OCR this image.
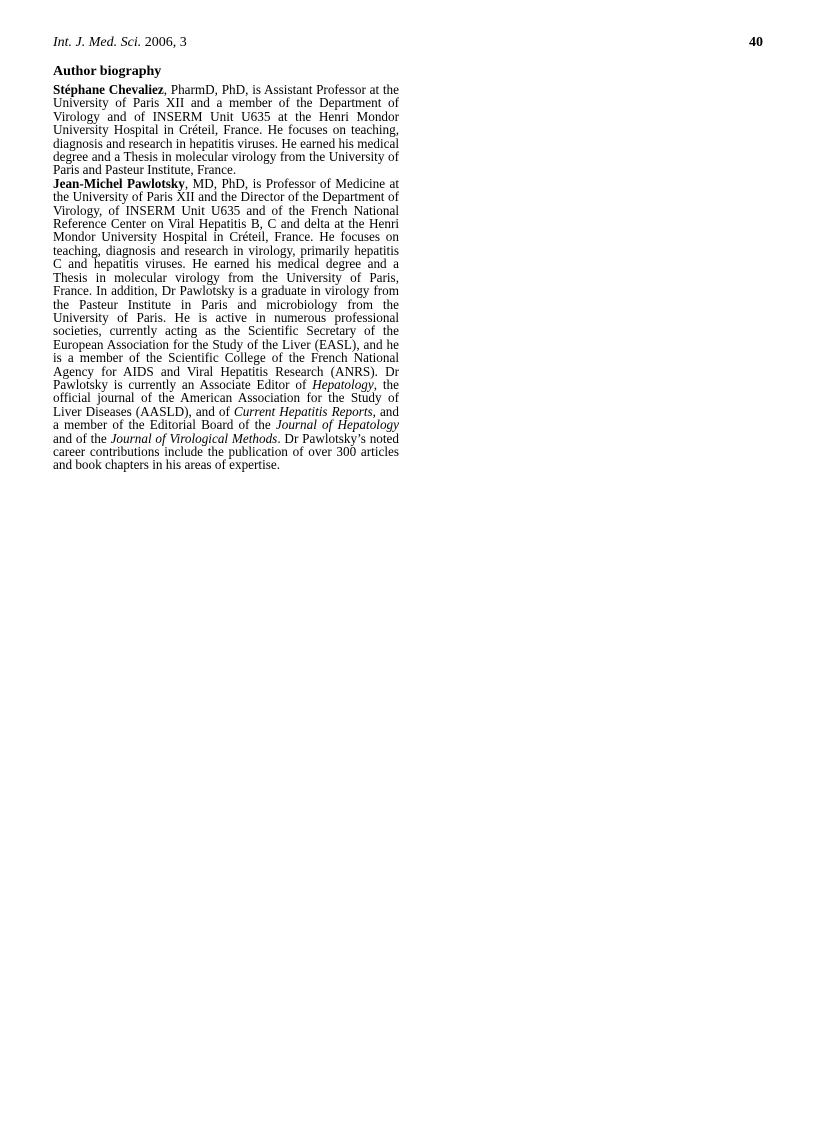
Int. J. Med. Sci. 2006, 3	40
Author biography

Stéphane Chevaliez, PharmD, PhD, is Assistant Professor at the University of Paris XII and a member of the Department of Virology and of INSERM Unit U635 at the Henri Mondor University Hospital in Créteil, France. He focuses on teaching, diagnosis and research in hepatitis viruses. He earned his medical degree and a Thesis in molecular virology from the University of Paris and Pasteur Institute, France.

Jean-Michel Pawlotsky, MD, PhD, is Professor of Medicine at the University of Paris XII and the Director of the Department of Virology, of INSERM Unit U635 and of the French National Reference Center on Viral Hepatitis B, C and delta at the Henri Mondor University Hospital in Créteil, France. He focuses on teaching, diagnosis and research in virology, primarily hepatitis C and hepatitis viruses. He earned his medical degree and a Thesis in molecular virology from the University of Paris, France. In addition, Dr Pawlotsky is a graduate in virology from the Pasteur Institute in Paris and microbiology from the University of Paris. He is active in numerous professional societies, currently acting as the Scientific Secretary of the European Association for the Study of the Liver (EASL), and he is a member of the Scientific College of the French National Agency for AIDS and Viral Hepatitis Research (ANRS). Dr Pawlotsky is currently an Associate Editor of Hepatology, the official journal of the American Association for the Study of Liver Diseases (AASLD), and of Current Hepatitis Reports, and a member of the Editorial Board of the Journal of Hepatology and of the Journal of Virological Methods. Dr Pawlotsky’s noted career contributions include the publication of over 300 articles and book chapters in his areas of expertise.
